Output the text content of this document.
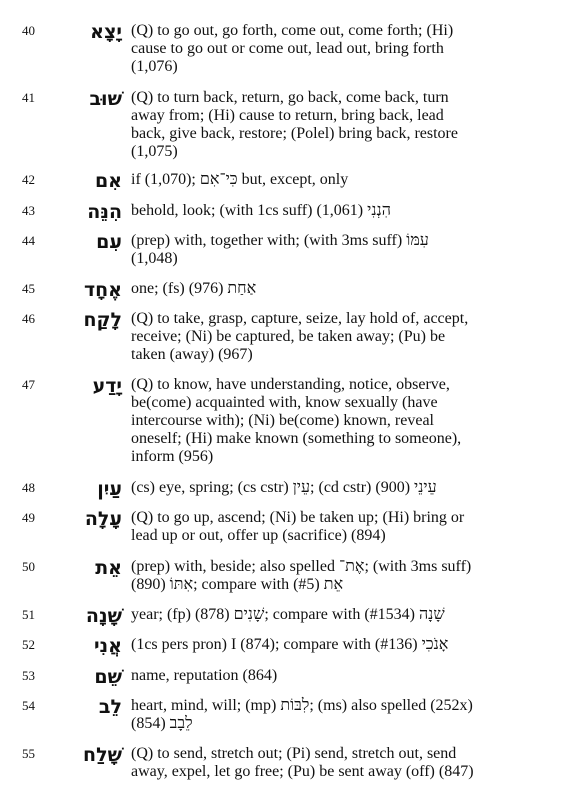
40	יָצָא (Q) to go out, go forth, come out, come forth; (Hi)
cause to go out or come out, lead out, bring forth
(1,076)
41	שׁוּב (Q) to turn back, return, go back, come back, turn
away from; (Hi) cause to return, bring back, lead
back, give back, restore; (Polel) bring back, restore
(1,075)
42	אִם if (1,070); כִּי־אִם but, except, only
43	הִנֵּה behold, look; (with 1cs suff) הִנְנִי (1,061)
44	עִם (prep) with, together with; (with 3ms suff) עִמּוֹ
(1,048)
45	אֶחָד one; (fs) אַחַת (976)
46	לָקַח (Q) to take, grasp, capture, seize, lay hold of, accept,
receive; (Ni) be captured, be taken away; (Pu) be
taken (away) (967)
47	יָדַע (Q) to know, have understanding, notice, observe,
be(come) acquainted with, know sexually (have
intercourse with); (Ni) be(come) known, reveal
oneself; (Hi) make known (something to someone),
inform (956)
48	עַיִן (cs) eye, spring; (cs cstr) עֵין; (cd cstr) עֵינֵי (900)
49	עָלָה (Q) to go up, ascend; (Ni) be taken up; (Hi) bring or
lead up or out, offer up (sacrifice) (894)
50	אֵת (prep) with, beside; also spelled אֶת־; (with 3ms suff)
אִתּוֹ (890); compare with אֵת (#5)
51	שָׁנָה year; (fp) שָׁנִים (878); compare with שָׁנָה (#1534)
52	אֲנִי (1cs pers pron) I (874); compare with אָנֹכִי (#136)
53	שֵׁם name, reputation (864)
54	לֵב heart, mind, will; (mp) לִבּוֹת; (ms) also spelled (252x)
לֵבָב (854)
55	שָׁלַח (Q) to send, stretch out; (Pi) send, stretch out, send
away, expel, let go free; (Pu) be sent away (off) (847)
